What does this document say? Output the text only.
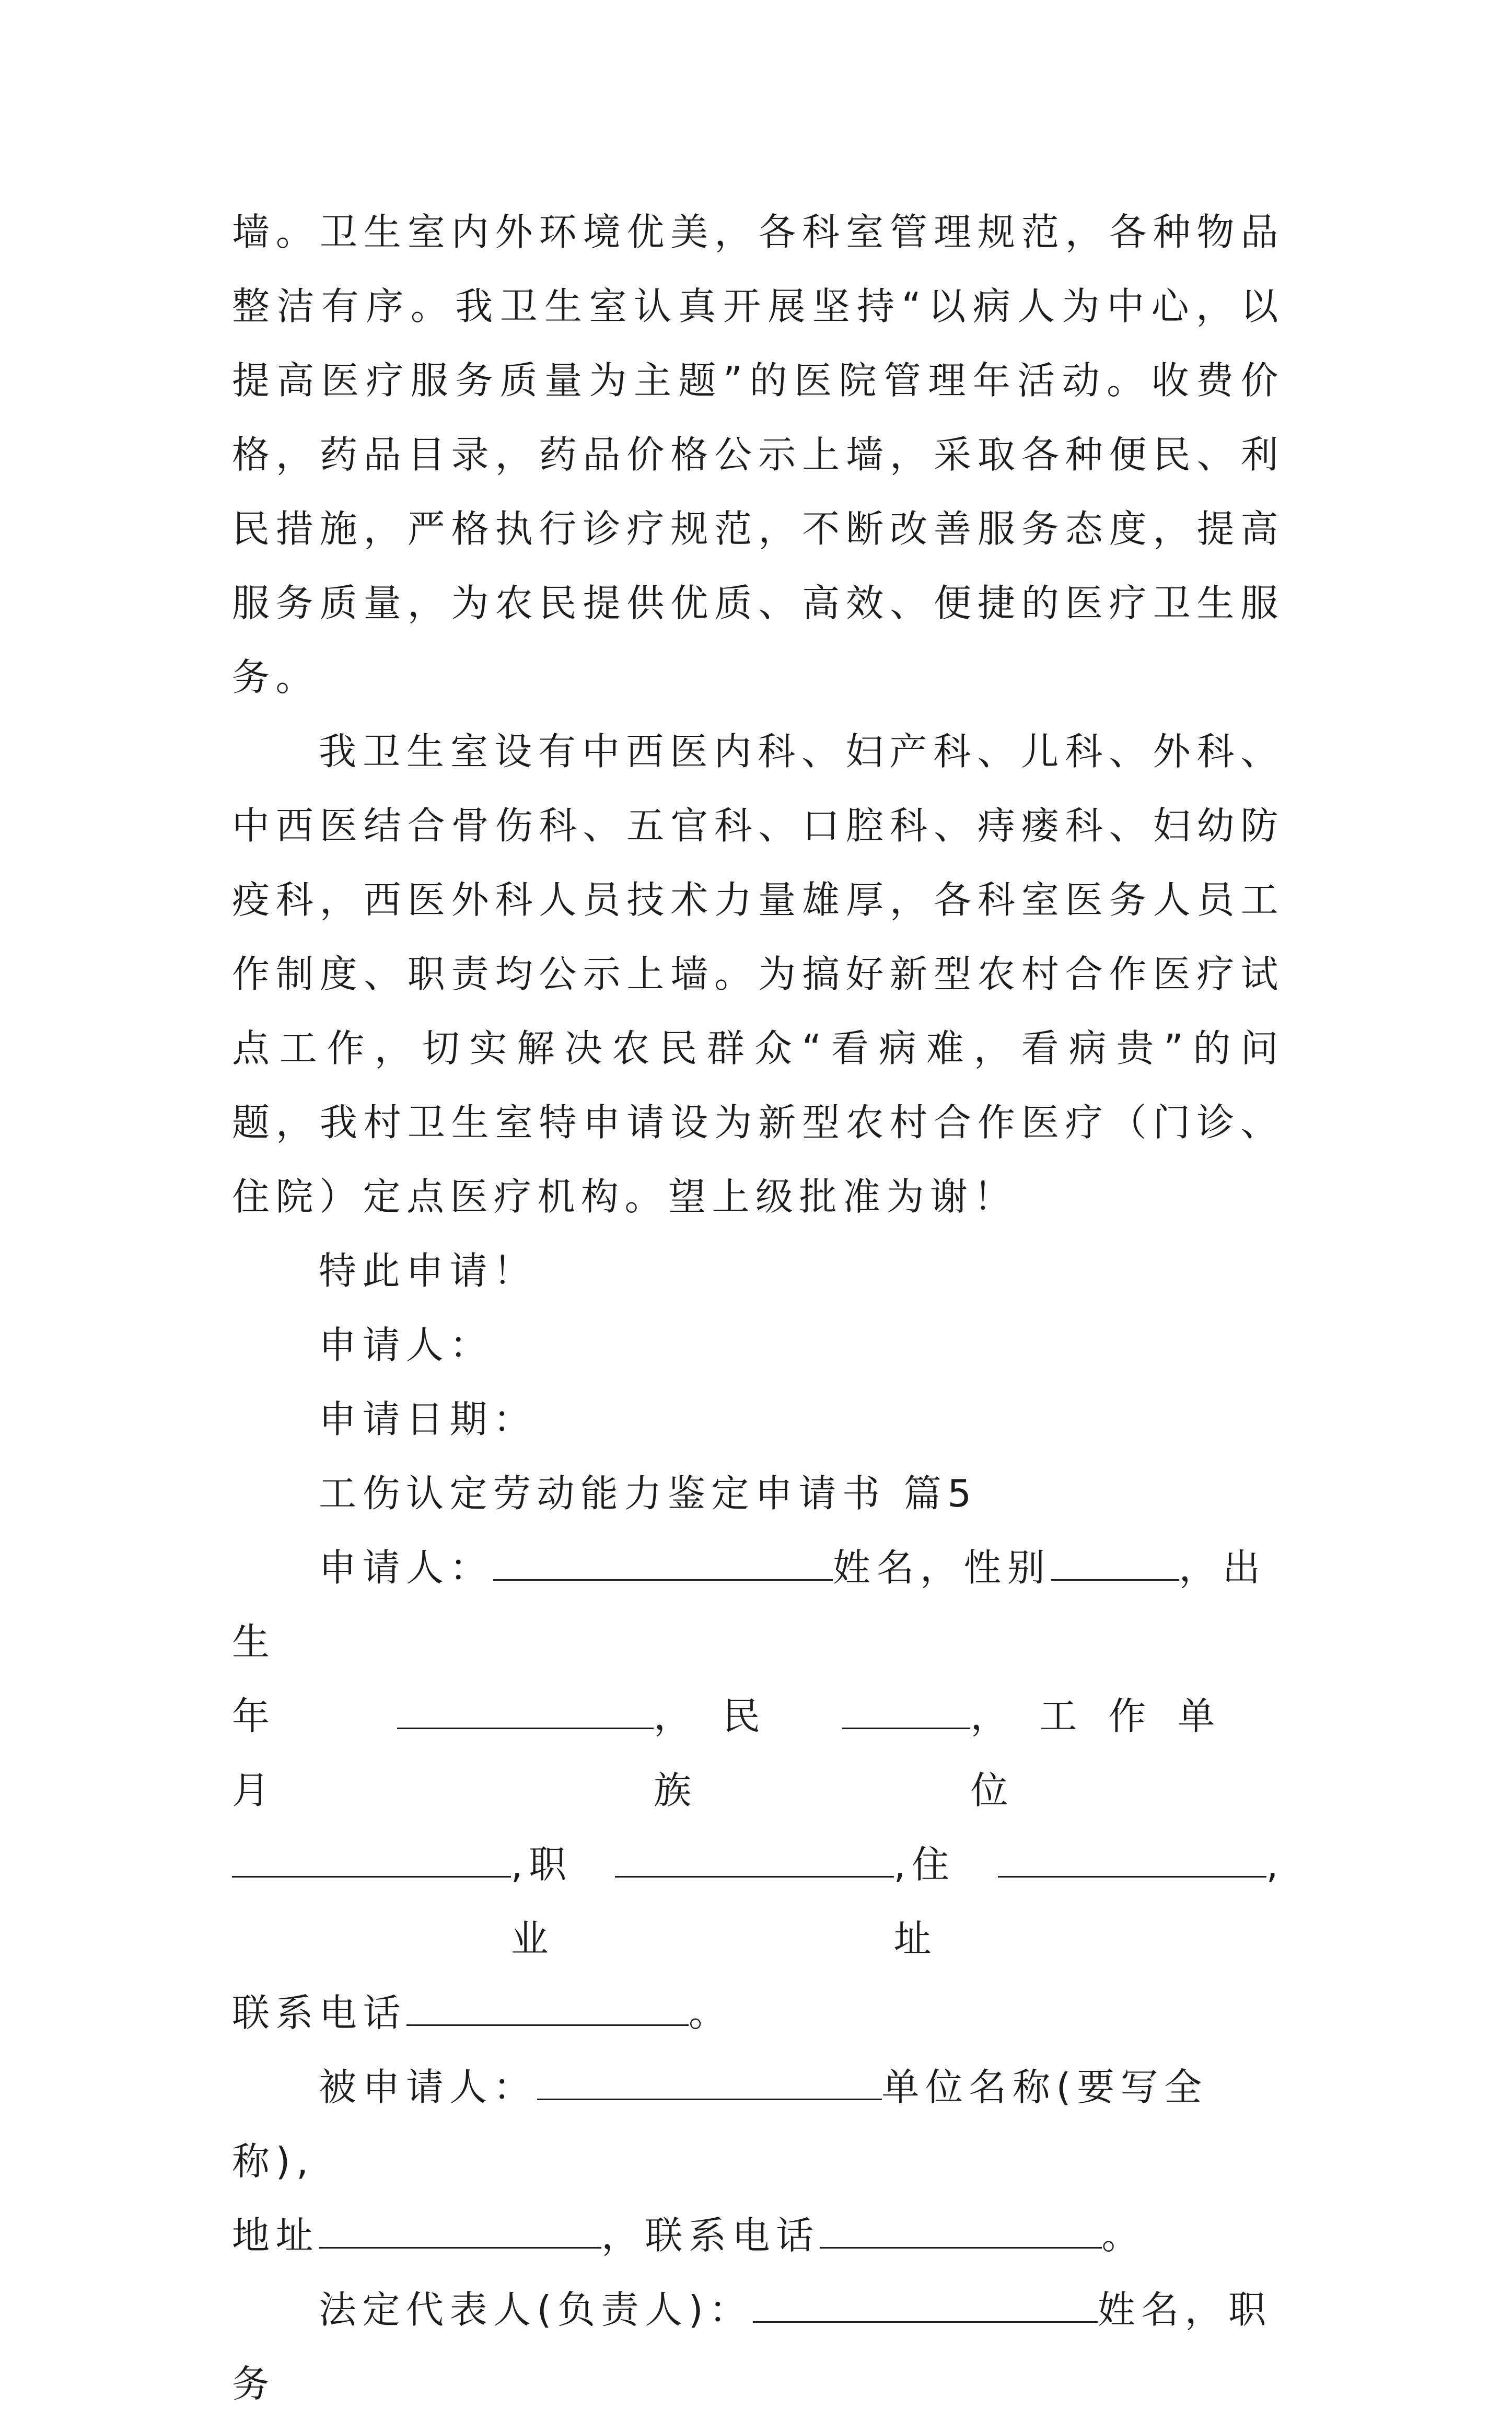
墙。卫生室内外环境优美，各科室管理规范，各种物品整洁有序。我卫生室认真开展坚持“以病人为中心，以提高医疗服务质量为主题”的医院管理年活动。收费价格，药品目录，药品价格公示上墙，采取各种便民、利民措施，严格执行诊疗规范，不断改善服务态度，提高服务质量，为农民提供优质、高效、便捷的医疗卫生服务。

我卫生室设有中西医内科、妇产科、儿科、外科、中西医结合骨伤科、五官科、口腔科、痔瘘科、妇幼防疫科，西医外科人员技术力量雄厚，各科室医务人员工作制度、职责均公示上墙。为搞好新型农村合作医疗试点工作，切实解决农民群众“看病难，看病贵”的问题，我村卫生室特申请设为新型农村合作医疗（门诊、住院）定点医疗机构。望上级批准为谢！

特此申请！

申请人：

申请日期：

工伤认定劳动能力鉴定申请书 篇5

申请人：	姓名，性别	，出生

年 月
，民族
，工作单位

,职业
,住址
,

联系电话	。

被申请人：	单位名称(要写全称),

地址	，联系电话	。

法定代表人(负责人)：	姓名，职务
